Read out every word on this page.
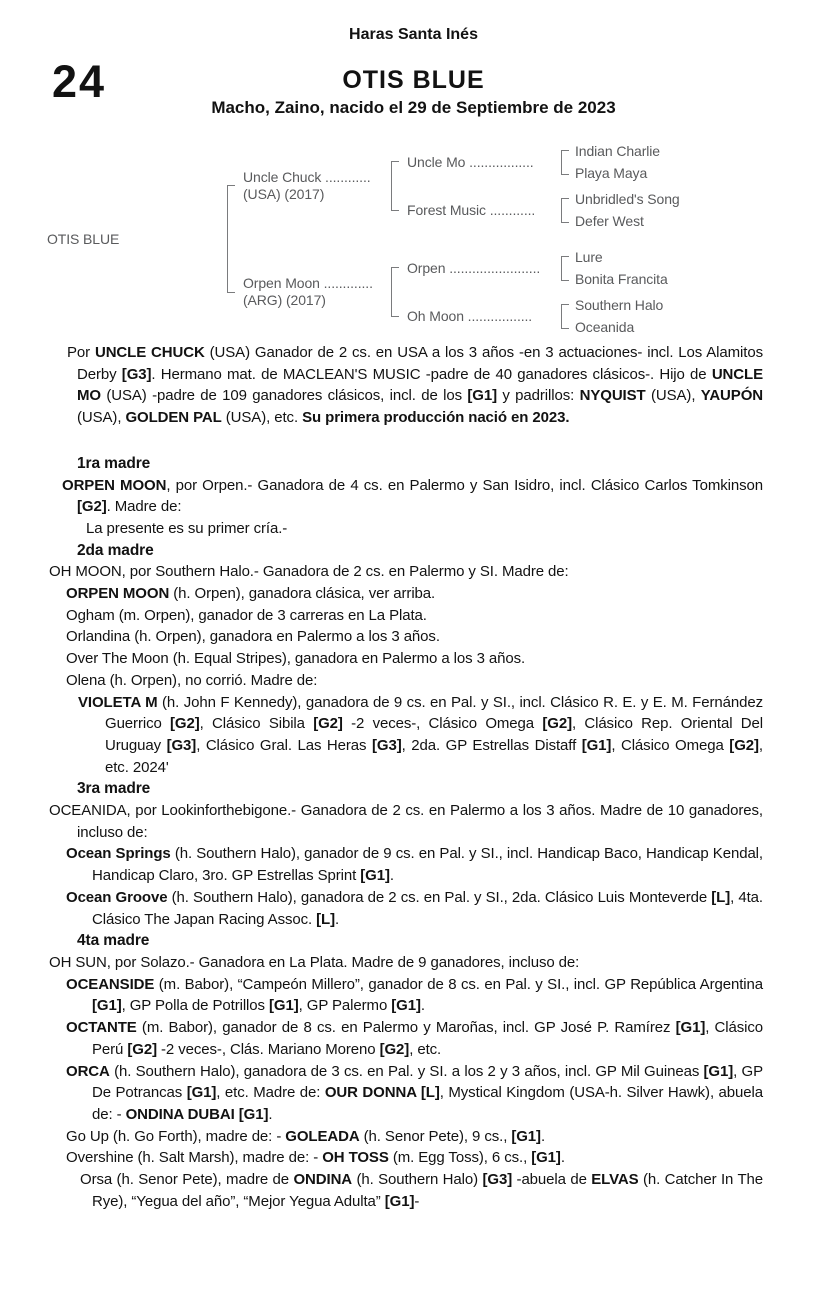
Haras Santa Inés
24	OTIS BLUE
Macho, Zaino, nacido el 29 de Septiembre de 2023
OTIS BLUE
Uncle Chuck ............
(USA) (2017)
Uncle Mo .................
Indian Charlie
Playa Maya
Forest Music ............
Unbridled's Song
Defer West
Orpen Moon .............
(ARG) (2017)
Orpen ........................
Lure
Bonita Francita
Oh Moon .................
Southern Halo
Oceanida

Por UNCLE CHUCK (USA) Ganador de 2 cs. en USA a los 3 años -en 3 actuaciones- incl. Los Alamitos Derby [G3]. Hermano mat. de MACLEAN'S MUSIC -padre de 40 ganadores clásicos-. Hijo de UNCLE MO (USA) -padre de 109 ganadores clásicos, incl. de los [G1] y padrillos: NYQUIST (USA), YAUPÓN (USA), GOLDEN PAL (USA), etc. Su primera producción nació en 2023.

1ra madre

ORPEN MOON, por Orpen.- Ganadora de 4 cs. en Palermo y San Isidro, incl. Clásico Carlos Tomkinson [G2]. Madre de:

La presente es su primer cría.-

2da madre

OH MOON, por Southern Halo.- Ganadora de 2 cs. en Palermo y SI. Madre de:

ORPEN MOON (h. Orpen), ganadora clásica, ver arriba.

Ogham (m. Orpen), ganador de 3 carreras en La Plata.

Orlandina (h. Orpen), ganadora en Palermo a los 3 años.

Over The Moon (h. Equal Stripes), ganadora en Palermo a los 3 años.

Olena (h. Orpen), no corrió. Madre de:

VIOLETA M (h. John F Kennedy), ganadora de 9 cs. en Pal. y SI., incl. Clásico R. E. y E. M. Fernández Guerrico [G2], Clásico Sibila [G2] -2 veces-, Clásico Omega [G2], Clásico Rep. Oriental Del Uruguay [G3], Clásico Gral. Las Heras [G3], 2da. GP Estrellas Distaff [G1], Clásico Omega [G2], etc. 2024'

3ra madre

OCEANIDA, por Lookinforthebigone.- Ganadora de 2 cs. en Palermo a los 3 años. Madre de 10 ganadores, incluso de:

Ocean Springs (h. Southern Halo), ganador de 9 cs. en Pal. y SI., incl. Handicap Baco, Handicap Kendal, Handicap Claro, 3ro. GP Estrellas Sprint [G1].

Ocean Groove (h. Southern Halo), ganadora de 2 cs. en Pal. y SI., 2da. Clásico Luis Monteverde [L], 4ta. Clásico The Japan Racing Assoc. [L].

4ta madre

OH SUN, por Solazo.- Ganadora en La Plata. Madre de 9 ganadores, incluso de:

OCEANSIDE (m. Babor), “Campeón Millero”, ganador de 8 cs. en Pal. y SI., incl. GP República Argentina [G1], GP Polla de Potrillos [G1], GP Palermo [G1].

OCTANTE (m. Babor), ganador de 8 cs. en Palermo y Maroñas, incl. GP José P. Ramírez [G1], Clásico Perú [G2] -2 veces-, Clás. Mariano Moreno [G2], etc.

ORCA (h. Southern Halo), ganadora de 3 cs. en Pal. y SI. a los 2 y 3 años, incl. GP Mil Guineas [G1], GP De Potrancas [G1], etc. Madre de: OUR DONNA [L], Mystical Kingdom (USA-h. Silver Hawk), abuela de: - ONDINA DUBAI [G1].

Go Up (h. Go Forth), madre de: - GOLEADA (h. Senor Pete), 9 cs., [G1].

Overshine (h. Salt Marsh), madre de: - OH TOSS (m. Egg Toss), 6 cs., [G1].

Orsa (h. Senor Pete), madre de ONDINA (h. Southern Halo) [G3] -abuela de ELVAS (h. Catcher In The Rye), “Yegua del año”, “Mejor Yegua Adulta” [G1]-
